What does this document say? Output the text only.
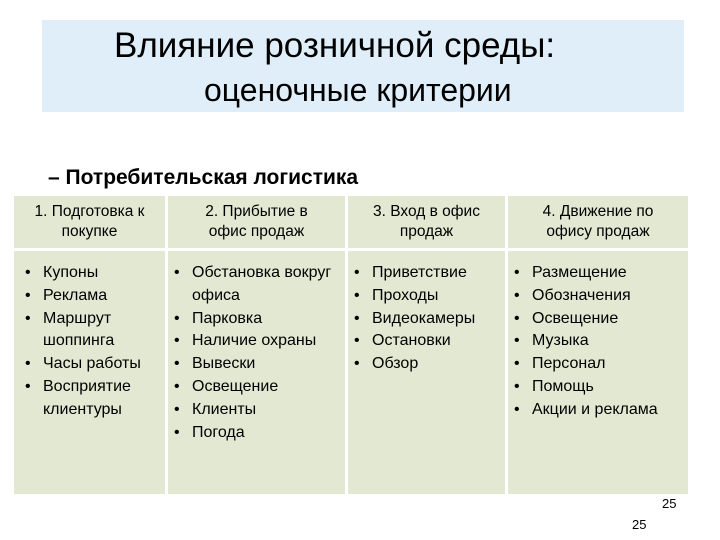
Влияние розничной среды:
оценочные критерии
– Потребительская логистика
1. Подготовка к
покупке
2. Прибытие в
офис продаж
3. Вход в офис
продаж
4. Движение по
офису продаж
• Купоны
• Реклама
• Маршрут шоппинга
• Часы работы
• Восприятие клиентуры
• Обстановка вокруг офиса
• Парковка
• Наличие охраны
• Вывески
• Освещение
• Клиенты
• Погода
• Приветствие
• Проходы
• Видеокамеры
• Остановки
• Обзор
• Размещение
• Обозначения
• Освещение
• Музыка
• Персонал
• Помощь
• Акции и реклама
25
25
